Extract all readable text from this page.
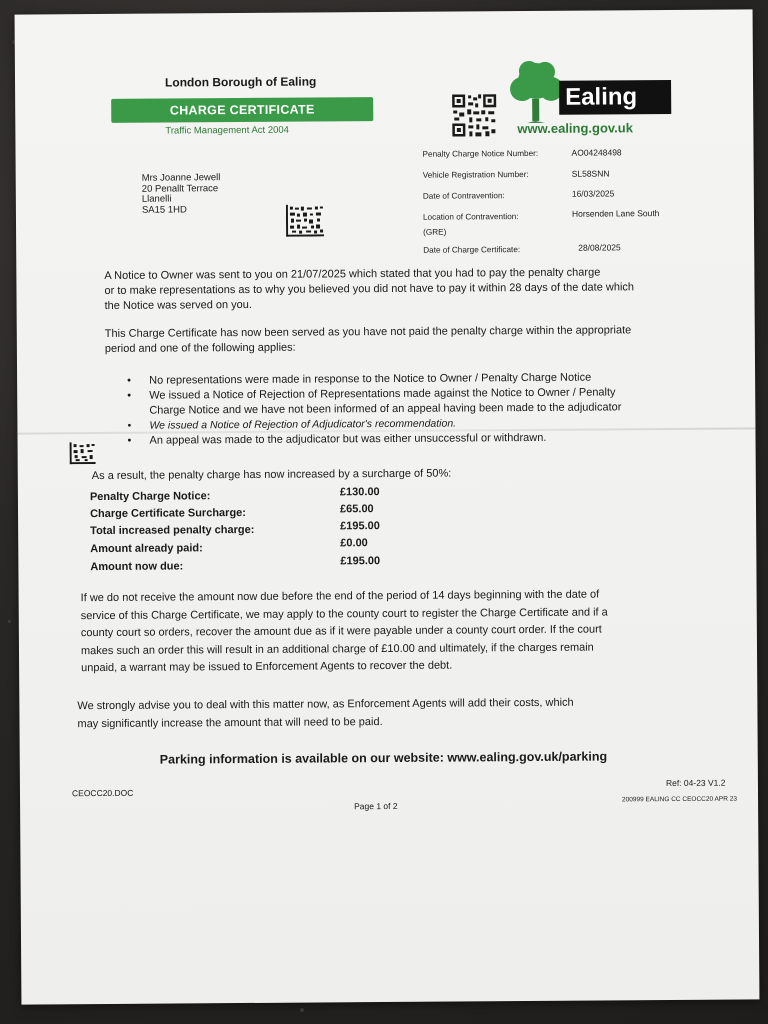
London Borough of Ealing
CHARGE CERTIFICATE
Traffic Management Act 2004
Ealing
www.ealing.gov.uk
Mrs Joanne Jewell
20 Penallt Terrace
Llanelli
SA15 1HD
Penalty Charge Notice Number:	AO04248498
Vehicle Registration Number:	SL58SNN
Date of Contravention:	16/03/2025
Location of Contravention:	Horsenden Lane South
(GRE)
Date of Charge Certificate:	28/08/2025
A Notice to Owner was sent to you on 21/07/2025 which stated that you had to pay the penalty charge
or to make representations as to why you believed you did not have to pay it within 28 days of the date which
the Notice was served on you.
This Charge Certificate has now been served as you have not paid the penalty charge within the appropriate
period and one of the following applies:
• No representations were made in response to the Notice to Owner / Penalty Charge Notice
• We issued a Notice of Rejection of Representations made against the Notice to Owner / Penalty
Charge Notice and we have not been informed of an appeal having been made to the adjudicator
• We issued a Notice of Rejection of Adjudicator's recommendation.
• An appeal was made to the adjudicator but was either unsuccessful or withdrawn.
As a result, the penalty charge has now increased by a surcharge of 50%:
Penalty Charge Notice:	£130.00
Charge Certificate Surcharge:	£65.00
Total increased penalty charge:	£195.00
Amount already paid:	£0.00
Amount now due:	£195.00
If we do not receive the amount now due before the end of the period of 14 days beginning with the date of
service of this Charge Certificate, we may apply to the county court to register the Charge Certificate and if a
county court so orders, recover the amount due as if it were payable under a county court order. If the court
makes such an order this will result in an additional charge of £10.00 and ultimately, if the charges remain
unpaid, a warrant may be issued to Enforcement Agents to recover the debt.
We strongly advise you to deal with this matter now, as Enforcement Agents will add their costs, which
may significantly increase the amount that will need to be paid.
Parking information is available on our website: www.ealing.gov.uk/parking
CEOCC20.DOC
Ref: 04-23 V1.2
Page 1 of 2
200999 EALING CC CEOCC20 APR 23
